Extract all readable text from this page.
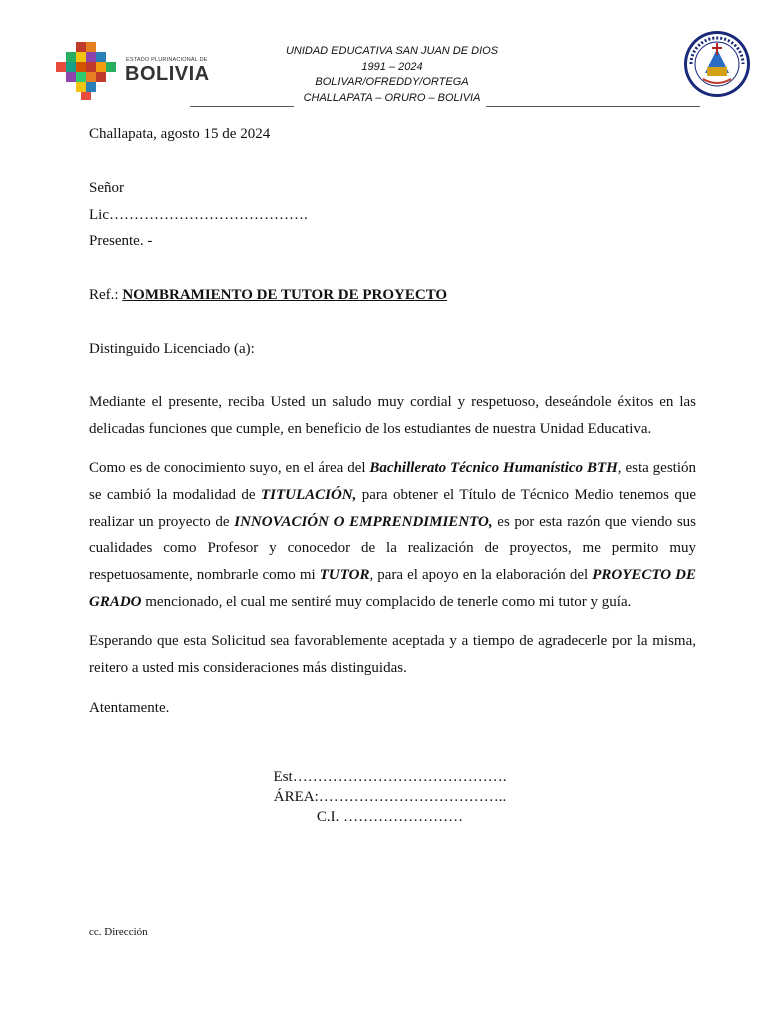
ESTADO PLURINACIONAL DE
BOLIVIA
UNIDAD EDUCATIVA SAN JUAN DE DIOS
1991 – 2024
BOLIVAR/OFREDDY/ORTEGA
CHALLAPATA – ORURO – BOLIVIA
Challapata, agosto 15 de 2024
Señor
Lic………………………………….
Presente. -
Ref.: NOMBRAMIENTO DE TUTOR DE PROYECTO
Distinguido Licenciado (a):
Mediante el presente, reciba Usted un saludo muy cordial y respetuoso, deseándole éxitos en las delicadas funciones que cumple, en beneficio de los estudiantes de nuestra Unidad Educativa.
Como es de conocimiento suyo, en el área del Bachillerato Técnico Humanístico BTH, esta gestión se cambió la modalidad de TITULACIÓN, para obtener el Título de Técnico Medio tenemos que realizar un proyecto de INNOVACIÓN O EMPRENDIMIENTO, es por esta razón que viendo sus cualidades como Profesor y conocedor de la realización de proyectos, me permito muy respetuosamente, nombrarle como mi TUTOR, para el apoyo en la elaboración del PROYECTO DE GRADO mencionado, el cual me sentiré muy complacido de tenerle como mi tutor y guía.
Esperando que esta Solicitud sea favorablemente aceptada y a tiempo de agradecerle por la misma, reitero a usted mis consideraciones más distinguidas.
Atentamente.
Est…………………………………….
ÁREA:………………………………..
C.I. ……………………
cc. Dirección
